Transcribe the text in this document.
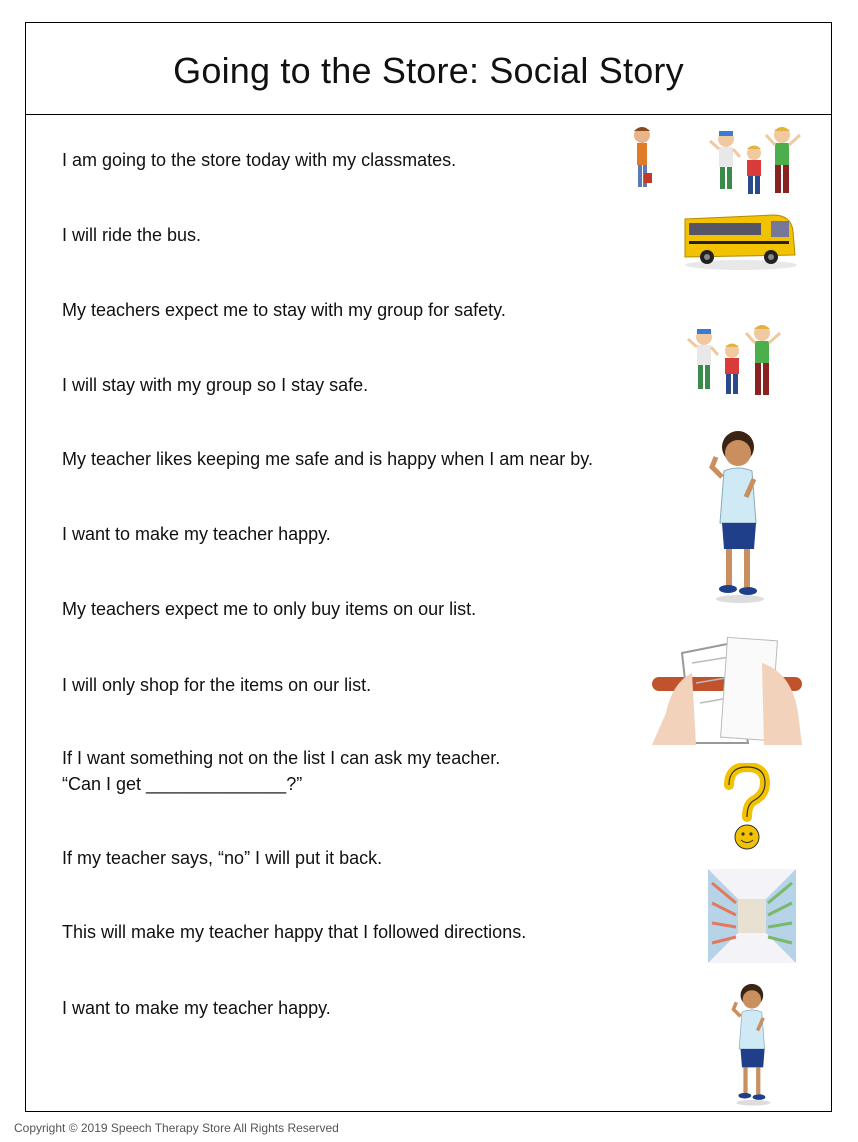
Going to the Store: Social Story
I am going to the store today with my classmates.
I will ride the bus.
My teachers expect me to stay with my group for safety.
I will stay with my group so I stay safe.
My teacher likes keeping me safe and is happy when I am near by.
I want to make my teacher happy.
My teachers expect me to only buy items on our list.
I will only shop for the items on our list.
If I want something not on the list I can ask my teacher.
“Can I get ______________?”
If my teacher says, “no” I will put it back.
This will make my teacher happy that I followed directions.
I want to make my teacher happy.
Copyright © 2019 Speech Therapy Store All Rights Reserved
